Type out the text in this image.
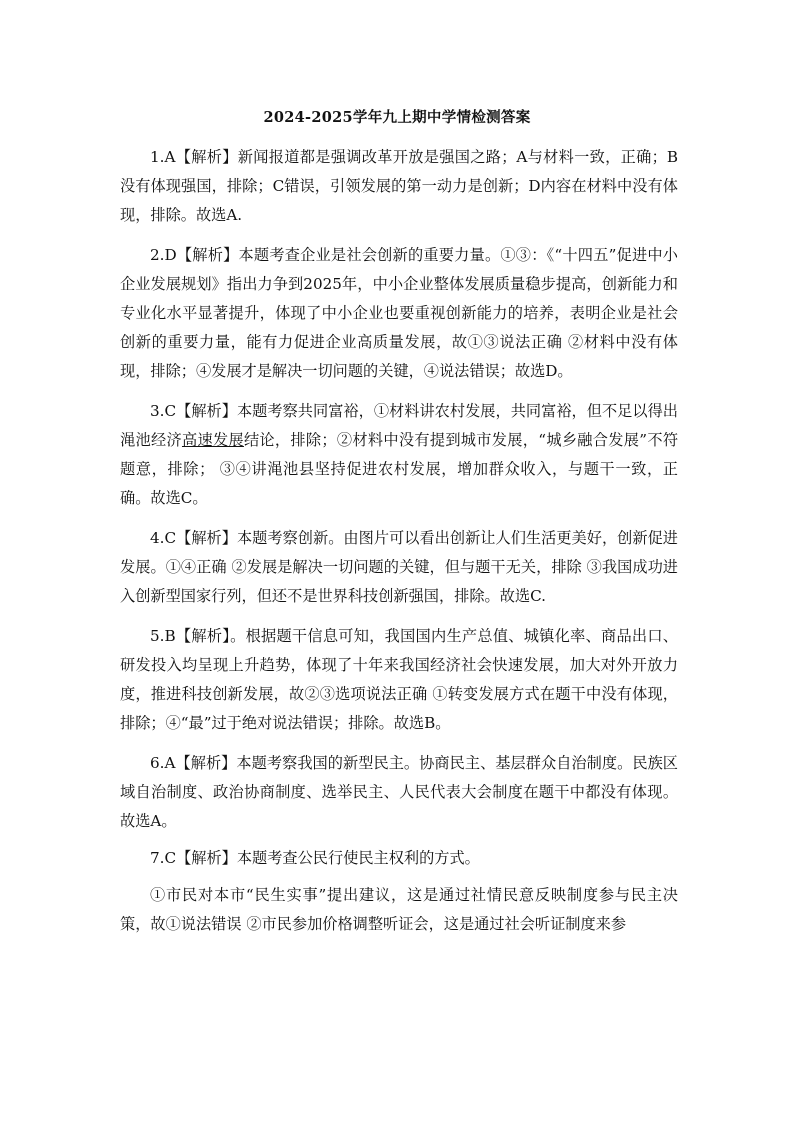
2024-2025学年九上期中学情检测答案

1.A【解析】新闻报道都是强调改革开放是强国之路；A与材料一致，正确；B没有体现强国，排除；C错误，引领发展的第一动力是创新；D内容在材料中没有体现，排除。故选A.

2.D【解析】本题考查企业是社会创新的重要力量。①③：《“十四五”促进中小企业发展规划》指出力争到2025年，中小企业整体发展质量稳步提高，创新能力和专业化水平显著提升，体现了中小企业也要重视创新能力的培养，表明企业是社会创新的重要力量，能有力促进企业高质量发展，故①③说法正确 ②材料中没有体现，排除；④发展才是解决一切问题的关键，④说法错误；故选D。

3.C【解析】本题考察共同富裕，①材料讲农村发展，共同富裕，但不足以得出渑池经济高速发展结论，排除；②材料中没有提到城市发展，“城乡融合发展”不符题意，排除； ③④讲渑池县坚持促进农村发展，增加群众收入，与题干一致，正确。故选C。

4.C【解析】本题考察创新。由图片可以看出创新让人们生活更美好，创新促进发展。①④正确 ②发展是解决一切问题的关键，但与题干无关，排除 ③我国成功进入创新型国家行列，但还不是世界科技创新强国，排除。故选C.

5.B【解析】。根据题干信息可知，我国国内生产总值、城镇化率、商品出口、研发投入均呈现上升趋势，体现了十年来我国经济社会快速发展，加大对外开放力度，推进科技创新发展，故②③选项说法正确 ①转变发展方式在题干中没有体现，排除；④“最”过于绝对说法错误；排除。故选B。

6.A【解析】本题考察我国的新型民主。协商民主、基层群众自治制度。民族区域自治制度、政治协商制度、选举民主、人民代表大会制度在题干中都没有体现。故选A。

7.C【解析】本题考查公民行使民主权利的方式。

①市民对本市“民生实事”提出建议，这是通过社情民意反映制度参与民主决策，故①说法错误 ②市民参加价格调整听证会，这是通过社会听证制度来参
